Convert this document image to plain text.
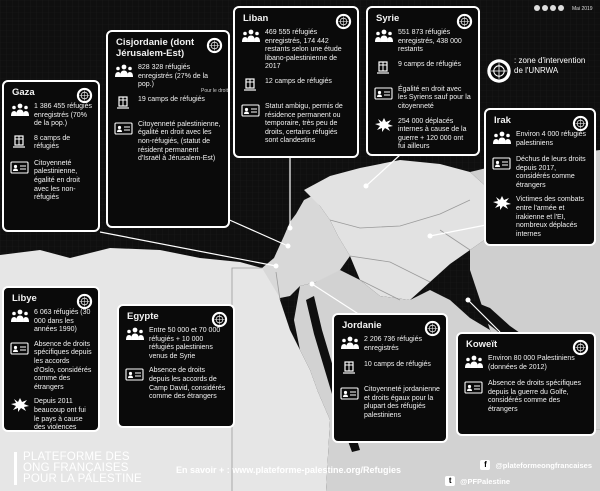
Mai 2019
: zone d'intervention de l'UNRWA
Gaza
1 386 455 réfugiés enregistrés (70% de la pop.)
8 camps de réfugiés
Citoyenneté palestinienne, égalité en droit avec les non-réfugiés
Cisjordanie (dont Jérusalem-Est)
Pour le droit
828 328 réfugiés enregistrés (27% de la pop.)
19 camps de réfugiés
Citoyenneté palestinienne, égalité en droit avec les non-réfugiés, (statut de résident permanent d'Israël à Jérusalem-Est)
Liban
469 555 réfugiés enregistrés, 174 442 restants selon une étude libano-palestinienne de 2017
12 camps de réfugiés
Statut ambigu, permis de résidence permanent ou temporaire, très peu de droits, certains réfugiés sont clandestins
Syrie
551 873 réfugiés enregistrés, 438 000 restants
9 camps de réfugiés
Égalité en droit avec les Syriens sauf pour la citoyenneté
254 000 déplacés internes à cause de la guerre + 120 000 ont fui ailleurs
Irak
Environ 4 000 réfugiés palestiniens
Déchus de leurs droits depuis 2017, considérés comme étrangers
Victimes des combats entre l'armée et irakienne et l'EI, nombreux déplacés internes
Libye
6 063 réfugiés (30 000 dans les années 1990)
Absence de droits spécifiques depuis les accords d'Oslo, considérés comme des étrangers
Depuis 2011 beaucoup ont fui le pays à cause des violences
Egypte
Entre 50 000 et 70 000 réfugiés + 10 000 réfugiés palestiniens venus de Syrie
Absence de droits depuis les accords de Camp David, considérés comme des étrangers
Jordanie
2 206 736 réfugiés enregistrés
10 camps de réfugiés
Citoyenneté jordanienne et droits égaux pour la plupart des réfugiés palestiniens
Koweït
Environ 80 000 Palestiniens (données de 2012)
Absence de droits spécifiques depuis la guerre du Golfe, considérés comme des étrangers
PLATEFORME DES
ONG FRANÇAISES
POUR LA PALESTINE
En savoir + : www.plateforme-palestine.org/Refugies
f	@plateformeongfrancaises
t	@PFPalestine
